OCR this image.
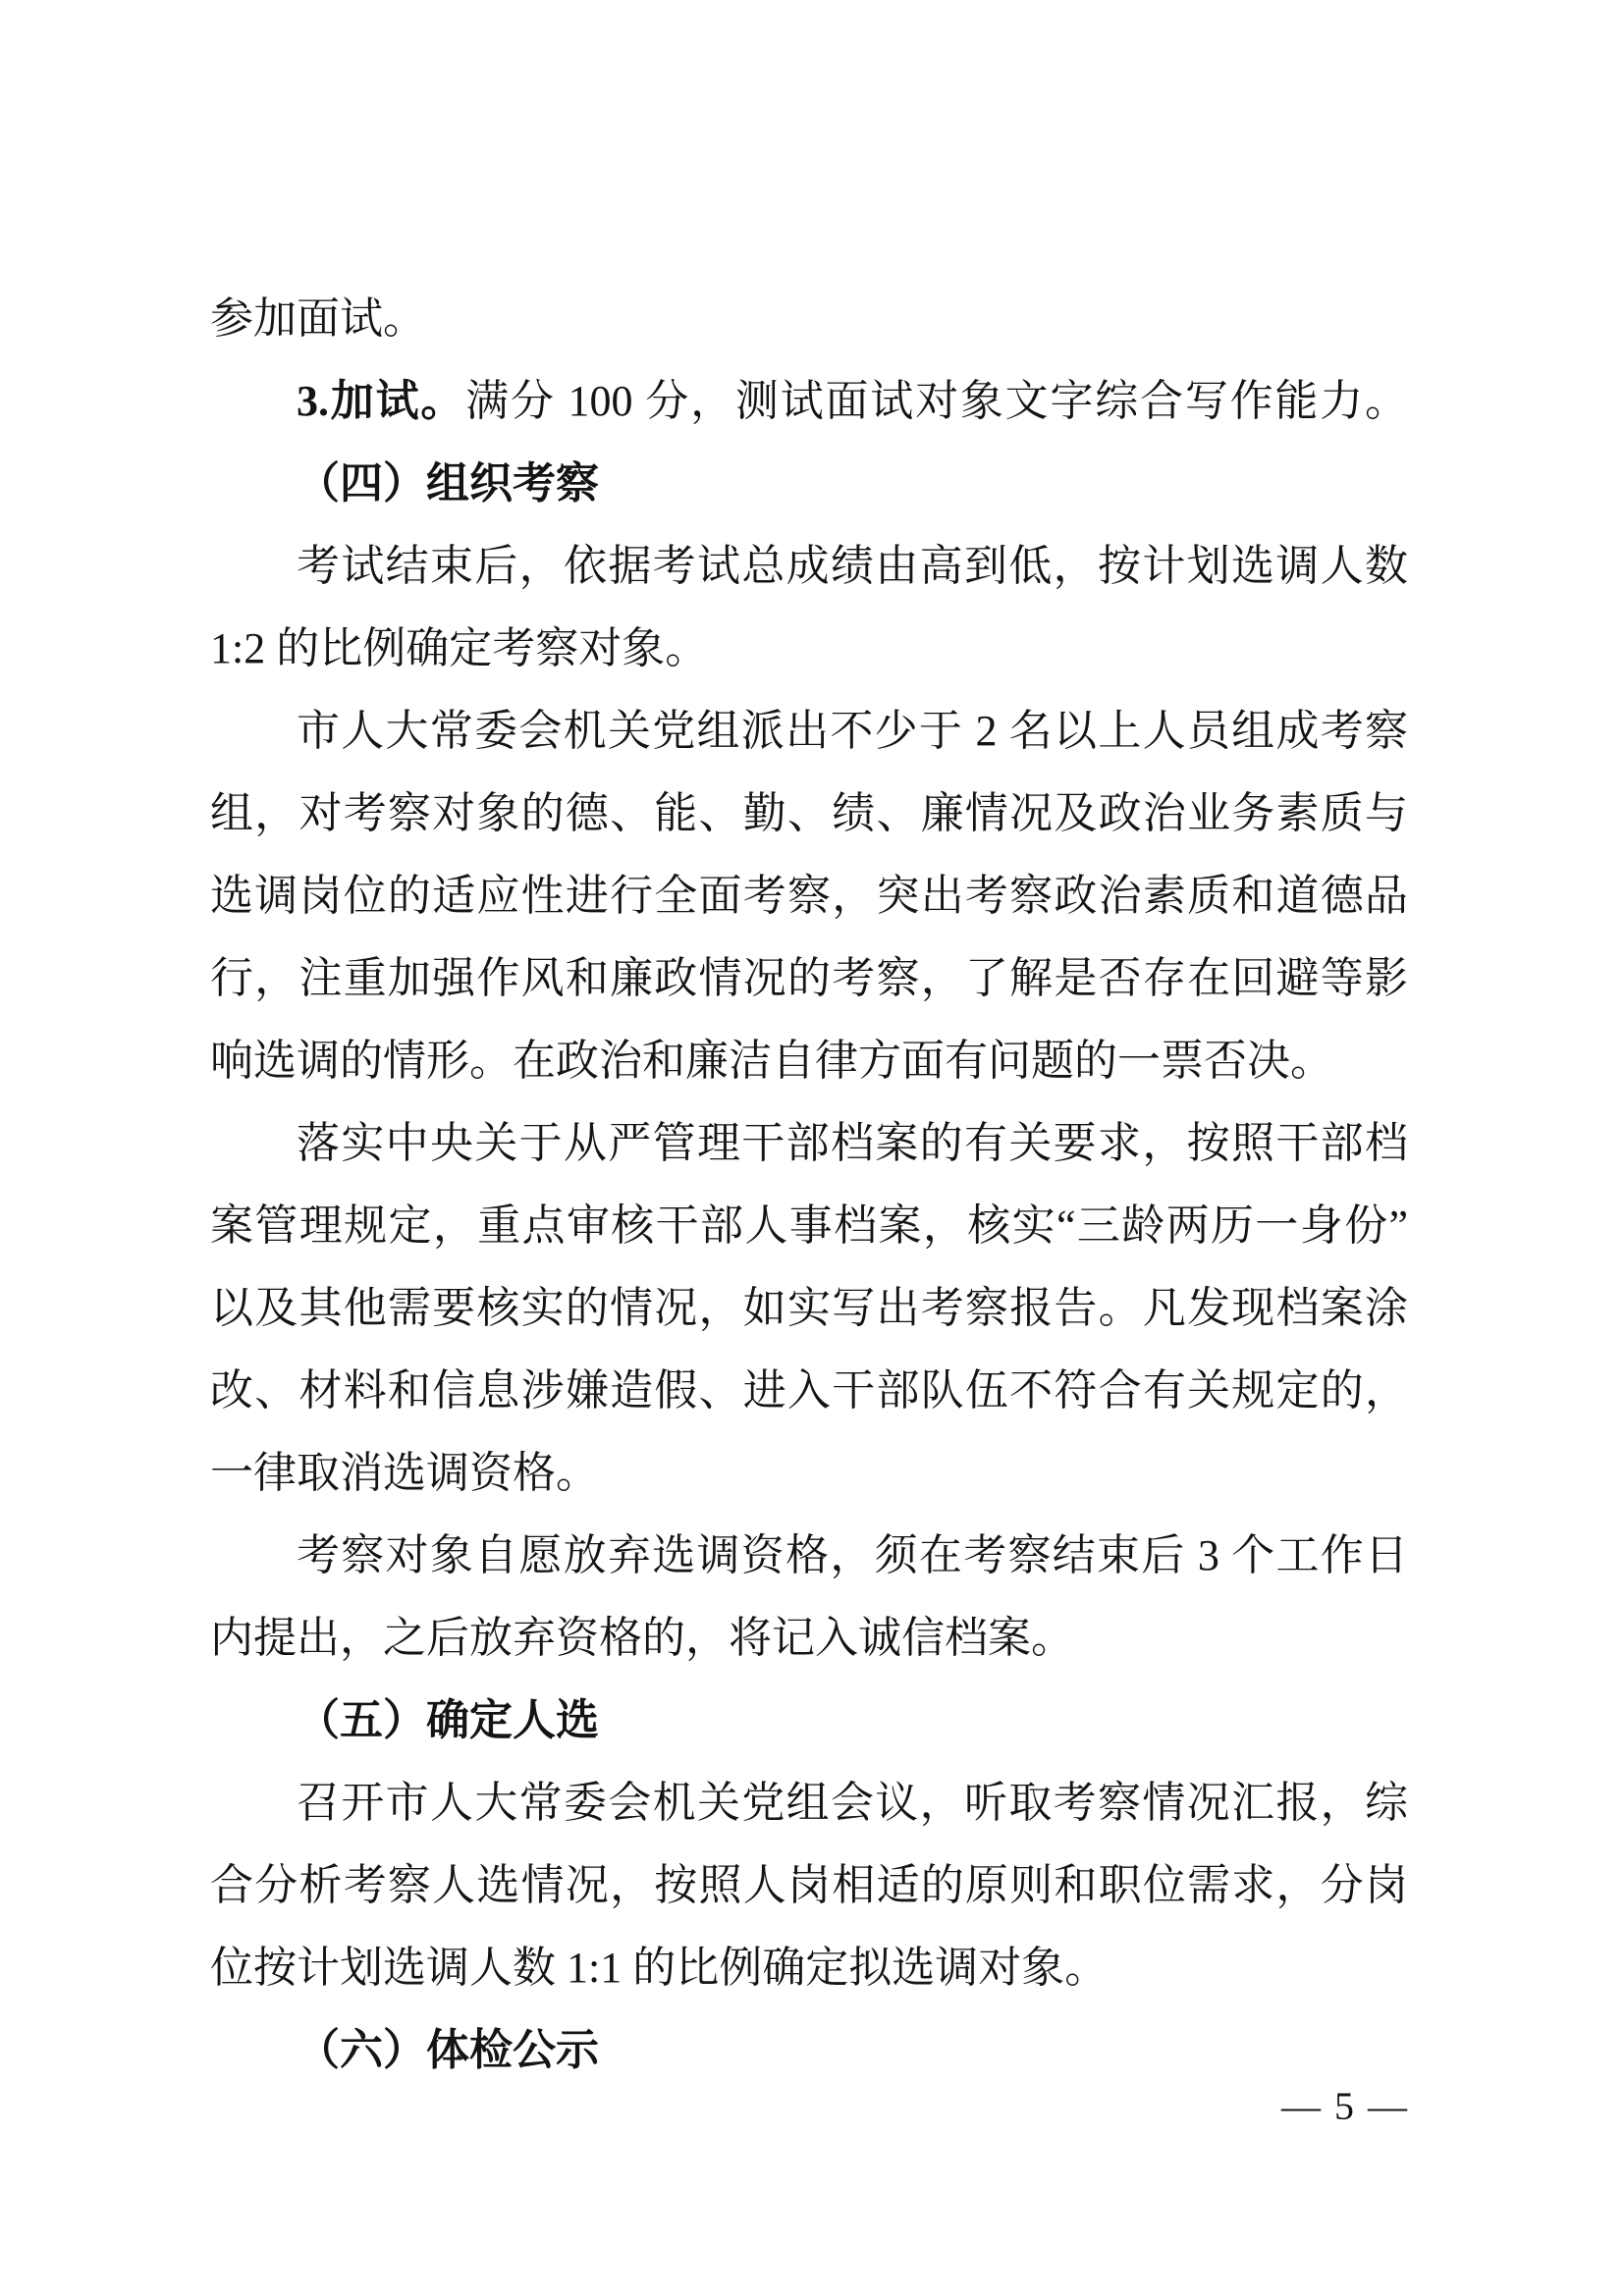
参加面试。
3.加试。满分 100 分，测试面试对象文字综合写作能力。
（四）组织考察
考试结束后，依据考试总成绩由高到低，按计划选调人数
1:2 的比例确定考察对象。
市人大常委会机关党组派出不少于 2 名以上人员组成考察
组，对考察对象的德、能、勤、绩、廉情况及政治业务素质与
选调岗位的适应性进行全面考察，突出考察政治素质和道德品
行，注重加强作风和廉政情况的考察，了解是否存在回避等影
响选调的情形。在政治和廉洁自律方面有问题的一票否决。
落实中央关于从严管理干部档案的有关要求，按照干部档
案管理规定，重点审核干部人事档案，核实“三龄两历一身份”
以及其他需要核实的情况，如实写出考察报告。凡发现档案涂
改、材料和信息涉嫌造假、进入干部队伍不符合有关规定的，
一律取消选调资格。
考察对象自愿放弃选调资格，须在考察结束后 3 个工作日
内提出，之后放弃资格的，将记入诚信档案。
（五）确定人选
召开市人大常委会机关党组会议，听取考察情况汇报，综
合分析考察人选情况，按照人岗相适的原则和职位需求，分岗
位按计划选调人数 1:1 的比例确定拟选调对象。
（六）体检公示
— 5 —
